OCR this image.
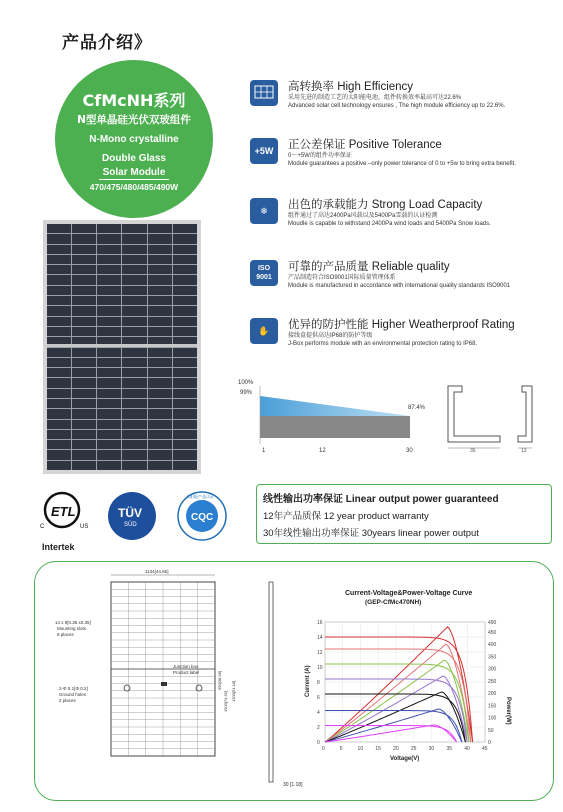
产品介绍》
CfMcNH系列
N型单晶硅光伏双玻组件
N-Mono crystalline
Double Glass
Solar Module
470/475/480/485/490W
高转换率 High Efficiency
采用先进的制造工艺的太阳能电池，组件转换效率最高可达22.6%
Advanced solar cell technology ensures , The high module efficiency up to 22.6%.
+5W	正公差保证 Positive Tolerance
0～+5W的组件功率保证
Module guarantees a positive –only power tolerance of 0 to +5w to bring extra benefit.
❄	出色的承载能力 Strong Load Capacity
组件通过了高达2400Pa风载以及5400Pa雪载的认证检测
Moudle is capable to withstand 2400Pa wind loads and 5400Pa Snow loads.
ISO 9001
可靠的产品质量 Reliable quality
产品制造符合ISO9001国际质量管理体系
Module is manufactured in accordance with international quality standards ISO9001
✋	优异的防护性能 Higher Weatherproof Rating
接线盒提供高达IP68的防护等级
J-Box performs module with an environmental protection rating to IP68.
100%
99%
87.4%
1	12	30	35	13
ETL
C	US
TÜV
SÜD
CQC
太阳能产品认证
Intertek
线性输出功率保证 Linear output power guaranteed
12年产品质保 12 year product warranty
30年线性输出功率保证 30years linear power output
1134[44.65]
14 x 9[0.35 x0.35]
Mounting slots
8 places
2-Φ 5.1[Φ 0.2]
Ground holes
2 places
Junction box
Product label
1903[74.92] 1300[51.18]
990[38.98]
30 [1.18]
Current-Voltage&Power-Voltage Curve
(GEP-CfMc470NH)
0
2
4
6
8
10
12
14
16
0	5	10 15 20 25 30 35 40 45
0
50
100
150
200
250
300
350
400
450
490
Voltage(V)
Current (A)
Power(W)
